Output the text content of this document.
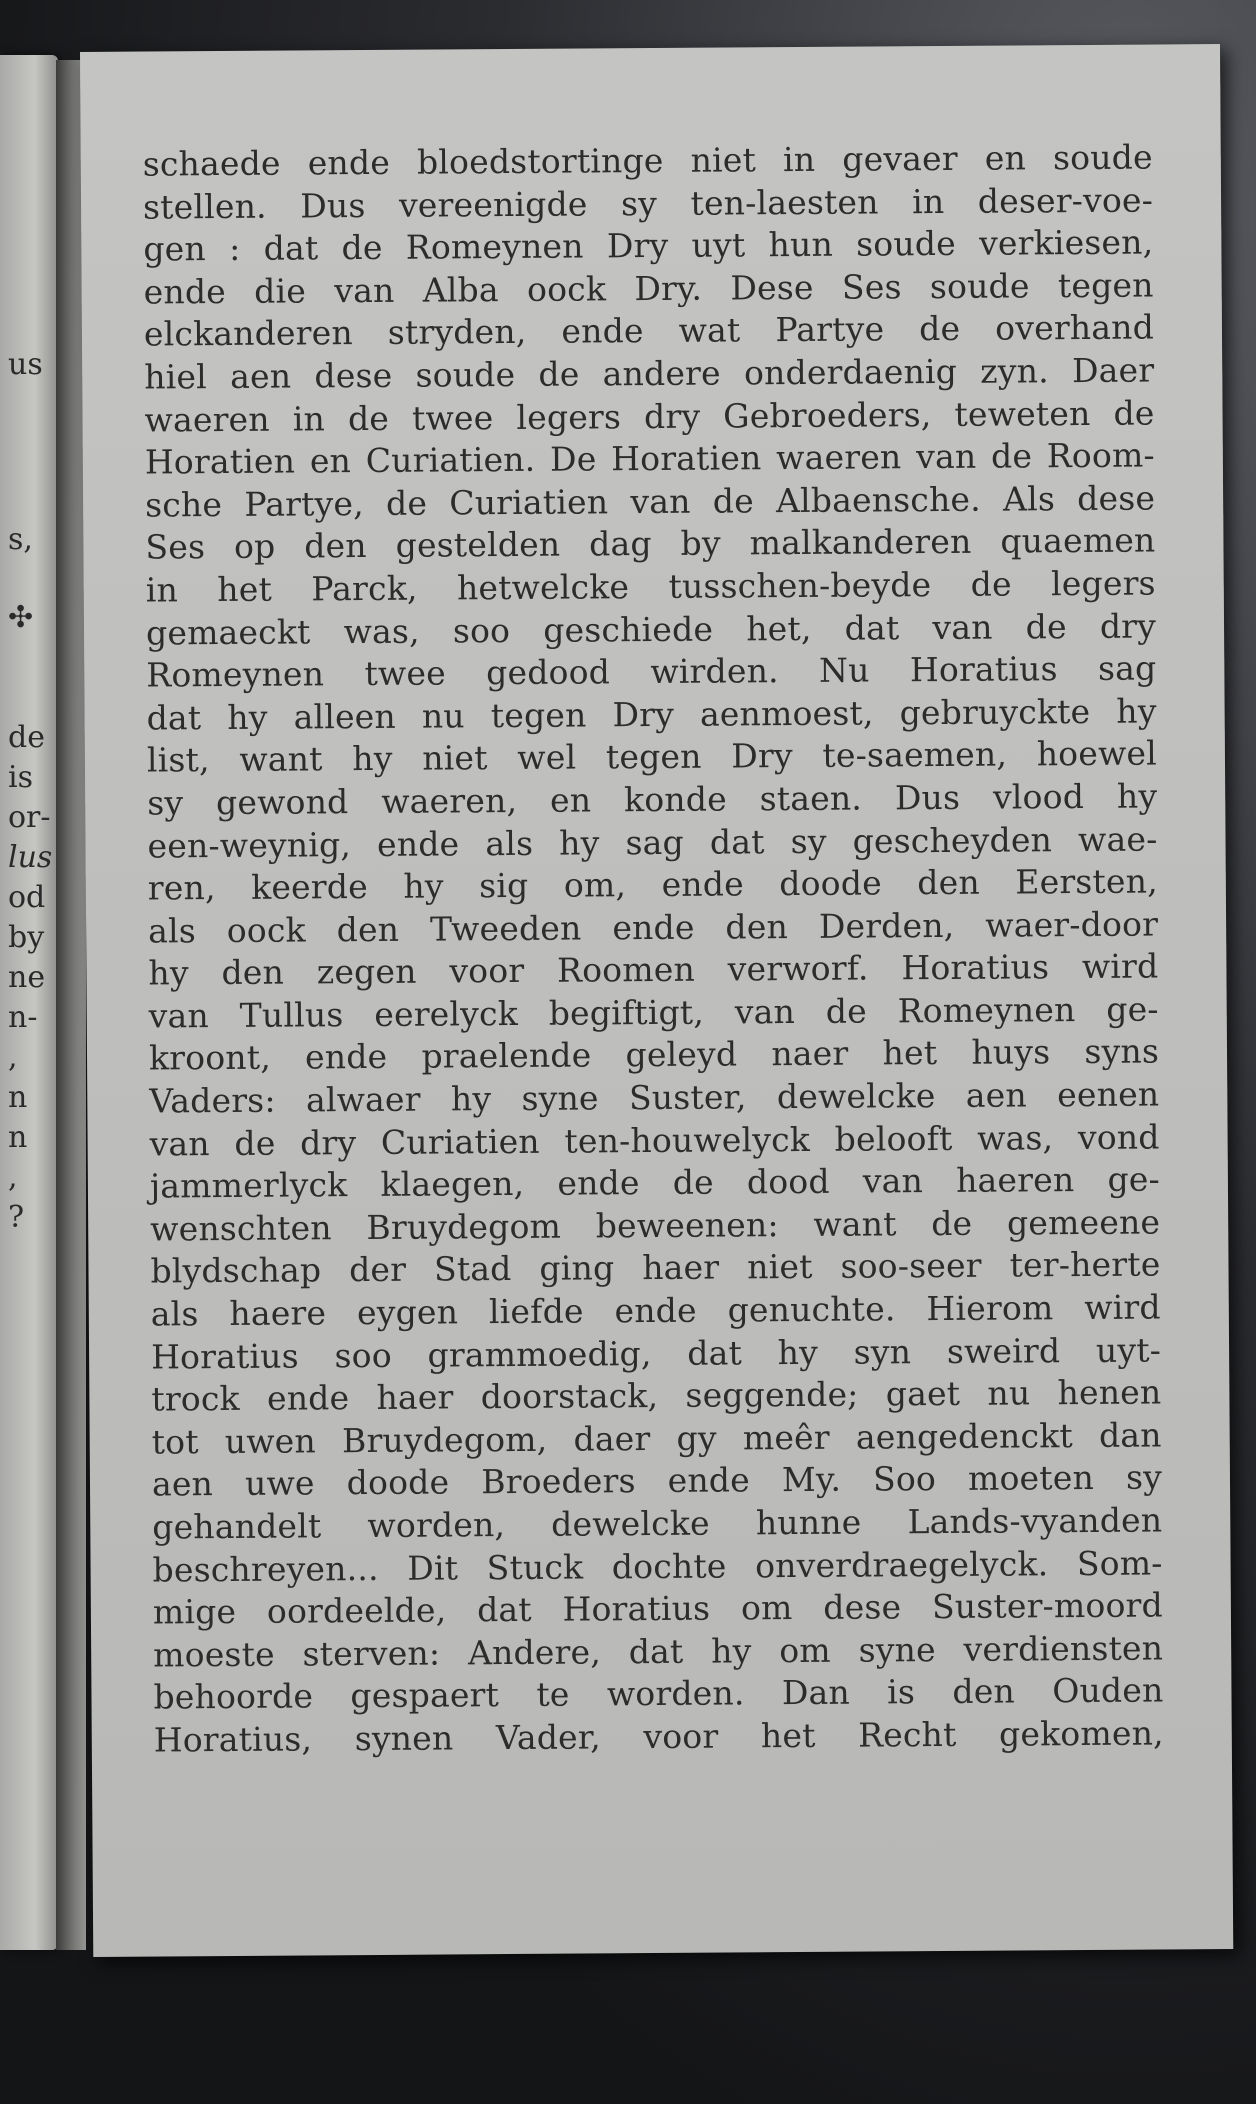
us
s,
✣
de
is
or-
lus
od
by
ne
n-
,
n
n
,
?
schaede ende bloedstortinge niet in gevaer en soude
stellen. Dus vereenigde sy ten-laesten in deser-voe-
gen : dat de Romeynen Dry uyt hun soude verkiesen,
ende die van Alba oock Dry. Dese Ses soude tegen
elckanderen stryden, ende wat Partye de overhand
hiel aen dese soude de andere onderdaenig zyn. Daer
waeren in de twee legers dry Gebroeders, teweten de
Horatien en Curiatien. De Horatien waeren van de Room-
sche Partye, de Curiatien van de Albaensche. Als dese
Ses op den gestelden dag by malkanderen quaemen
in het Parck, hetwelcke tusschen-beyde de legers
gemaeckt was, soo geschiede het, dat van de dry
Romeynen twee gedood wirden. Nu Horatius sag
dat hy alleen nu tegen Dry aenmoest, gebruyckte hy
list, want hy niet wel tegen Dry te-saemen, hoewel
sy gewond waeren, en konde staen. Dus vlood hy
een-weynig, ende als hy sag dat sy gescheyden wae-
ren, keerde hy sig om, ende doode den Eersten,
als oock den Tweeden ende den Derden, waer-door
hy den zegen voor Roomen verworf. Horatius wird
van Tullus eerelyck begiftigt, van de Romeynen ge-
kroont, ende praelende geleyd naer het huys syns
Vaders: alwaer hy syne Suster, dewelcke aen eenen
van de dry Curiatien ten-houwelyck belooft was, vond
jammerlyck klaegen, ende de dood van haeren ge-
wenschten Bruydegom beweenen: want de gemeene
blydschap der Stad ging haer niet soo-seer ter-herte
als haere eygen liefde ende genuchte. Hierom wird
Horatius soo grammoedig, dat hy syn sweird uyt-
trock ende haer doorstack, seggende; gaet nu henen
tot uwen Bruydegom, daer gy meêr aengedenckt dan
aen uwe doode Broeders ende My. Soo moeten sy
gehandelt worden, dewelcke hunne Lands-vyanden
beschreyen... Dit Stuck dochte onverdraegelyck. Som-
mige oordeelde, dat Horatius om dese Suster-moord
moeste sterven: Andere, dat hy om syne verdiensten
behoorde gespaert te worden. Dan is den Ouden
Horatius, synen Vader, voor het Recht gekomen,
